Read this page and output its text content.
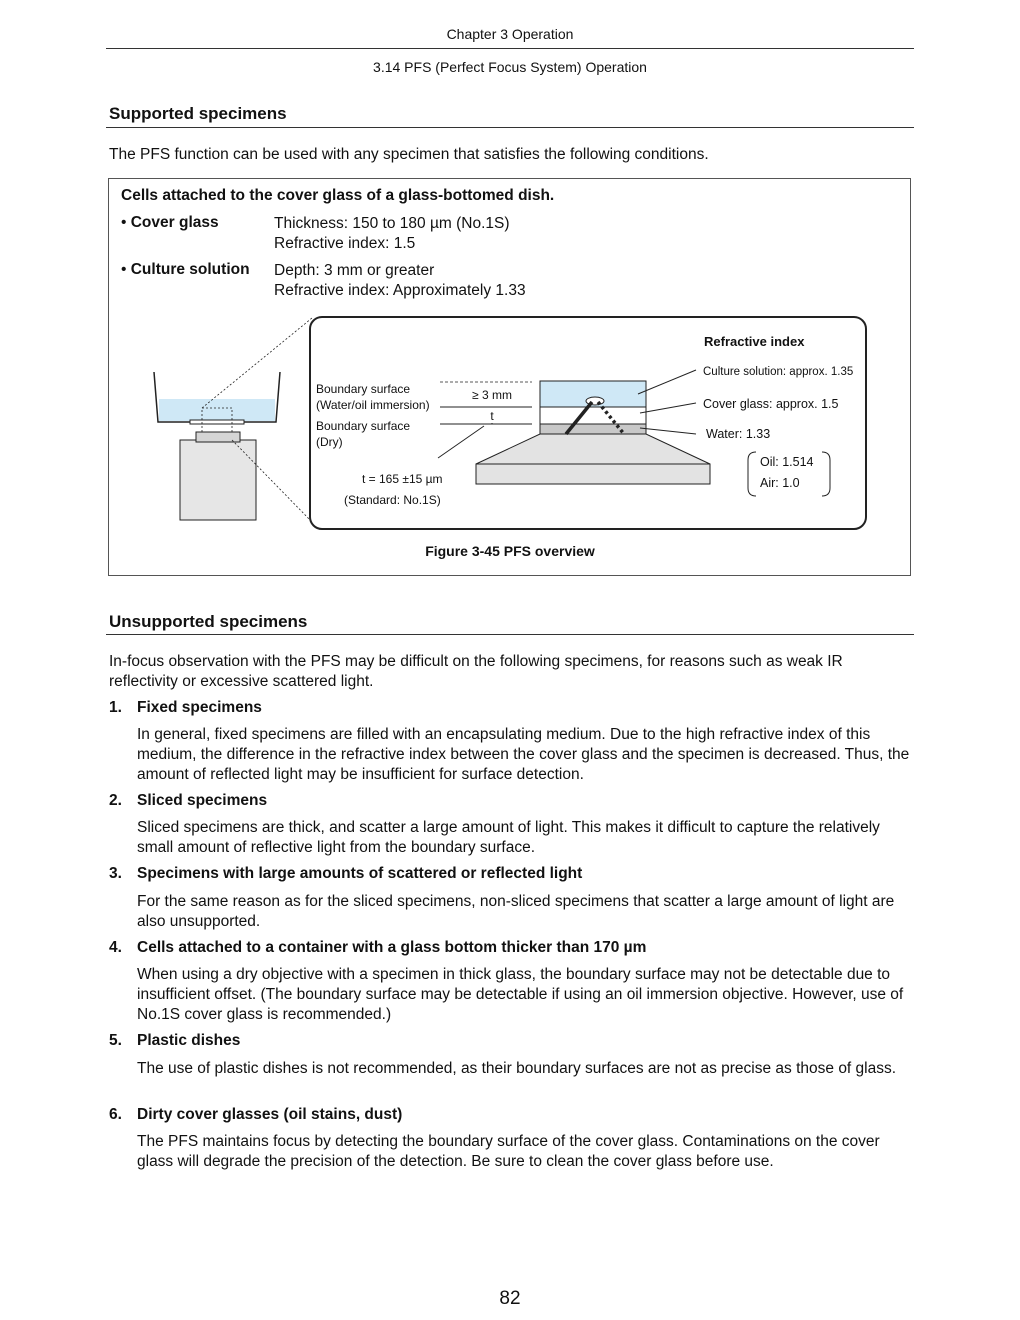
Chapter 3 Operation
3.14 PFS (Perfect Focus System) Operation
Supported specimens
The PFS function can be used with any specimen that satisfies the following conditions.
Cells attached to the cover glass of a glass-bottomed dish.
• Cover glass	Thickness: 150 to 180 µm (No.1S)
Refractive index: 1.5
• Culture solution Depth: 3 mm or greater
Refractive index: Approximately 1.33
≥ 3 mm
t
Boundary surface
(Water/oil immersion)
Boundary surface
(Dry)
t = 165 ±15 µm
(Standard: No.1S)
Refractive index
Culture solution: approx. 1.35
Cover glass: approx. 1.5
Water: 1.33
Oil: 1.514
Air: 1.0
Figure 3-45 PFS overview
Unsupported specimens
In-focus observation with the PFS may be difficult on the following specimens, for reasons such as weak IR reflectivity or excessive scattered light.
1. Fixed specimens
In general, fixed specimens are filled with an encapsulating medium. Due to the high refractive index of this medium, the difference in the refractive index between the cover glass and the specimen is decreased. Thus, the amount of reflected light may be insufficient for surface detection.
2. Sliced specimens
Sliced specimens are thick, and scatter a large amount of light. This makes it difficult to capture the relatively small amount of reflective light from the boundary surface.
3. Specimens with large amounts of scattered or reflected light
For the same reason as for the sliced specimens, non-sliced specimens that scatter a large amount of light are also unsupported.
4. Cells attached to a container with a glass bottom thicker than 170 µm
When using a dry objective with a specimen in thick glass, the boundary surface may not be detectable due to insufficient offset. (The boundary surface may be detectable if using an oil immersion objective. However, use of No.1S cover glass is recommended.)
5. Plastic dishes
The use of plastic dishes is not recommended, as their boundary surfaces are not as precise as those of glass.
6. Dirty cover glasses (oil stains, dust)
The PFS maintains focus by detecting the boundary surface of the cover glass. Contaminations on the cover glass will degrade the precision of the detection. Be sure to clean the cover glass before use.
82
